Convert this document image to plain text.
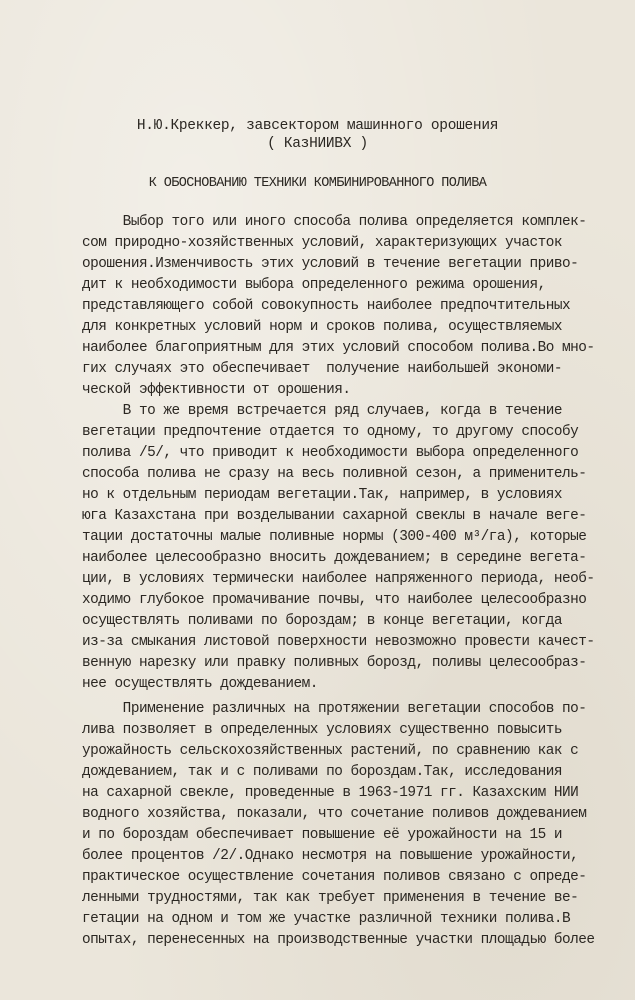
Н.Ю.Креккер, завсектором машинного орошения
( КазНИИВХ )
К ОБОСНОВАНИЮ ТЕХНИКИ КОМБИНИРОВАННОГО ПОЛИВА
Выбор того или иного способа полива определяется комплек-
сом природно-хозяйственных условий, характеризующих участок
орошения.Изменчивость этих условий в течение вегетации приво-
дит к необходимости выбора определенного режима орошения,
представляющего собой совокупность наиболее предпочтительных
для конкретных условий норм и сроков полива, осуществляемых
наиболее благоприятным для этих условий способом полива.Во мно-
гих случаях это обеспечивает  получение наибольшей экономи-
ческой эффективности от орошения.
В то же время встречается ряд случаев, когда в течение
вегетации предпочтение отдается то одному, то другому способу
полива /5/, что приводит к необходимости выбора определенного
способа полива не сразу на весь поливной сезон, а применитель-
но к отдельным периодам вегетации.Так, например, в условиях
юга Казахстана при возделывании сахарной свеклы в начале веге-
тации достаточны малые поливные нормы (300-400 м³/га), которые
наиболее целесообразно вносить дождеванием; в середине вегета-
ции, в условиях термически наиболее напряженного периода, необ-
ходимо глубокое промачивание почвы, что наиболее целесообразно
осуществлять поливами по бороздам; в конце вегетации, когда
из-за смыкания листовой поверхности невозможно провести качест-
венную нарезку или правку поливных борозд, поливы целесообраз-
нее осуществлять дождеванием.
Применение различных на протяжении вегетации способов по-
лива позволяет в определенных условиях существенно повысить
урожайность сельскохозяйственных растений, по сравнению как с
дождеванием, так и с поливами по бороздам.Так, исследования
на сахарной свекле, проведенные в 1963-1971 гг. Казахским НИИ
водного хозяйства, показали, что сочетание поливов дождеванием
и по бороздам обеспечивает повышение её урожайности на 15 и
более процентов /2/.Однако несмотря на повышение урожайности,
практическое осуществление сочетания поливов связано с опреде-
ленными трудностями, так как требует применения в течение ве-
гетации на одном и том же участке различной техники полива.В
опытах, перенесенных на производственные участки площадью более
